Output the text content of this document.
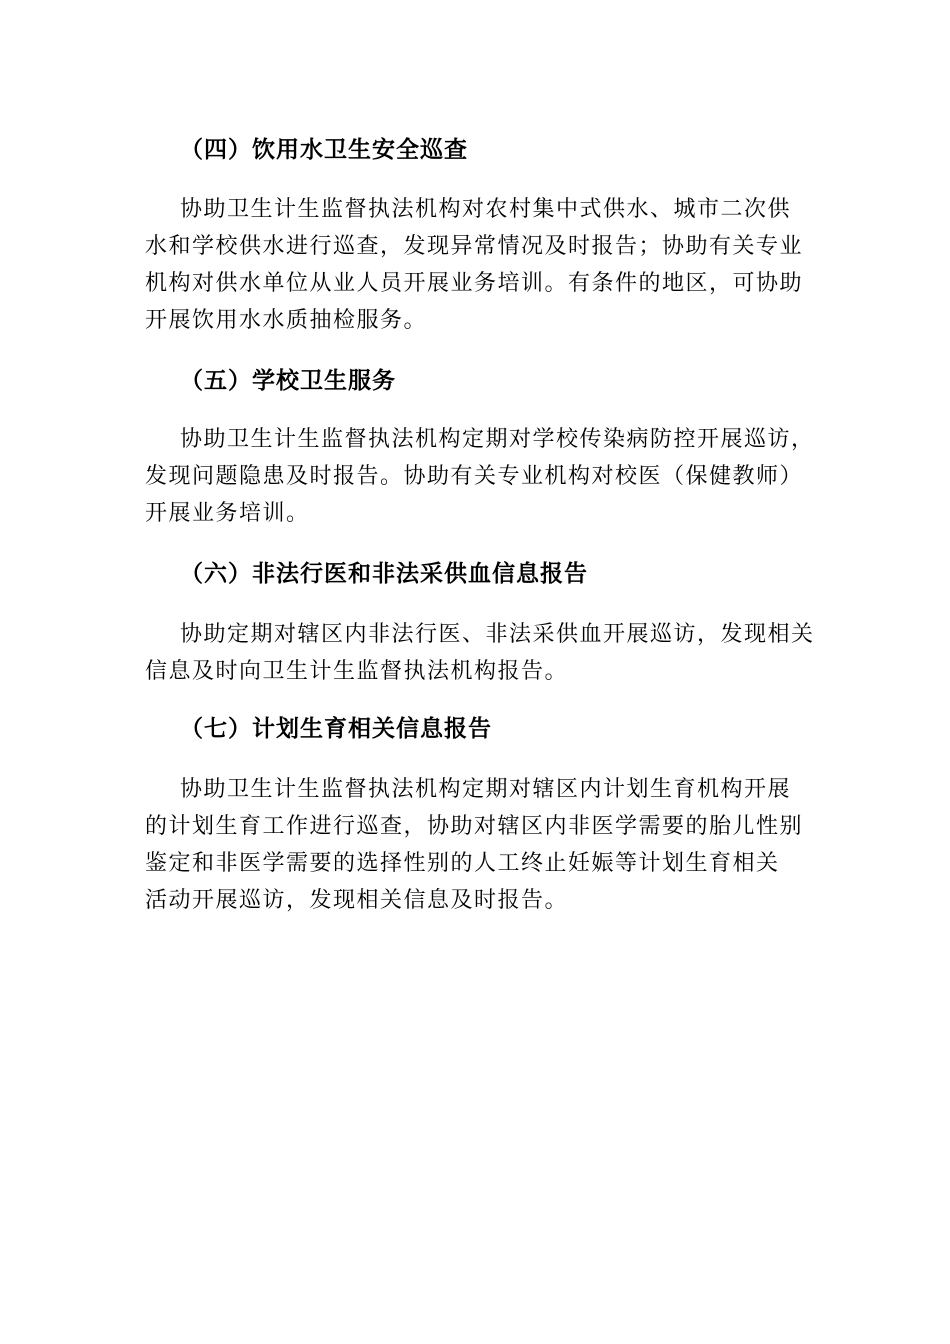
（四）饮用水卫生安全巡查
协助卫生计生监督执法机构对农村集中式供水、城市二次供
水和学校供水进行巡查，发现异常情况及时报告；协助有关专业
机构对供水单位从业人员开展业务培训。有条件的地区，可协助
开展饮用水水质抽检服务。
（五）学校卫生服务
协助卫生计生监督执法机构定期对学校传染病防控开展巡访，
发现问题隐患及时报告。协助有关专业机构对校医（保健教师）
开展业务培训。
（六）非法行医和非法采供血信息报告
协助定期对辖区内非法行医、非法采供血开展巡访，发现相关
信息及时向卫生计生监督执法机构报告。
（七）计划生育相关信息报告
协助卫生计生监督执法机构定期对辖区内计划生育机构开展
的计划生育工作进行巡查，协助对辖区内非医学需要的胎儿性别
鉴定和非医学需要的选择性别的人工终止妊娠等计划生育相关
活动开展巡访，发现相关信息及时报告。
